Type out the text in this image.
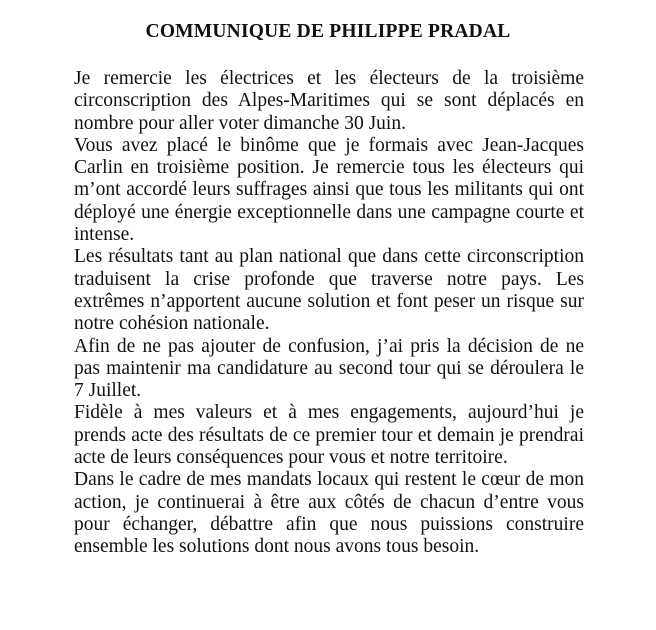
COMMUNIQUE DE PHILIPPE PRADAL

Je remercie les électrices et les électeurs de la troisième circonscription des Alpes-Maritimes qui se sont déplacés en nombre pour aller voter dimanche 30 Juin.

Vous avez placé le binôme que je formais avec Jean-Jacques Carlin en troisième position. Je remercie tous les électeurs qui m’ont accordé leurs suffrages ainsi que tous les militants qui ont déployé une énergie exceptionnelle dans une campagne courte et intense.

Les résultats tant au plan national que dans cette circonscription traduisent la crise profonde que traverse notre pays. Les extrêmes n’apportent aucune solution et font peser un risque sur notre cohésion nationale.

Afin de ne pas ajouter de confusion, j’ai pris la décision de ne pas maintenir ma candidature au second tour qui se déroulera le 7 Juillet.

Fidèle à mes valeurs et à mes engagements, aujourd’hui je prends acte des résultats de ce premier tour et demain je prendrai acte de leurs conséquences pour vous et notre territoire.

Dans le cadre de mes mandats locaux qui restent le cœur de mon action, je continuerai à être aux côtés de chacun d’entre vous pour échanger, débattre afin que nous puissions construire ensemble les solutions dont nous avons tous besoin.
